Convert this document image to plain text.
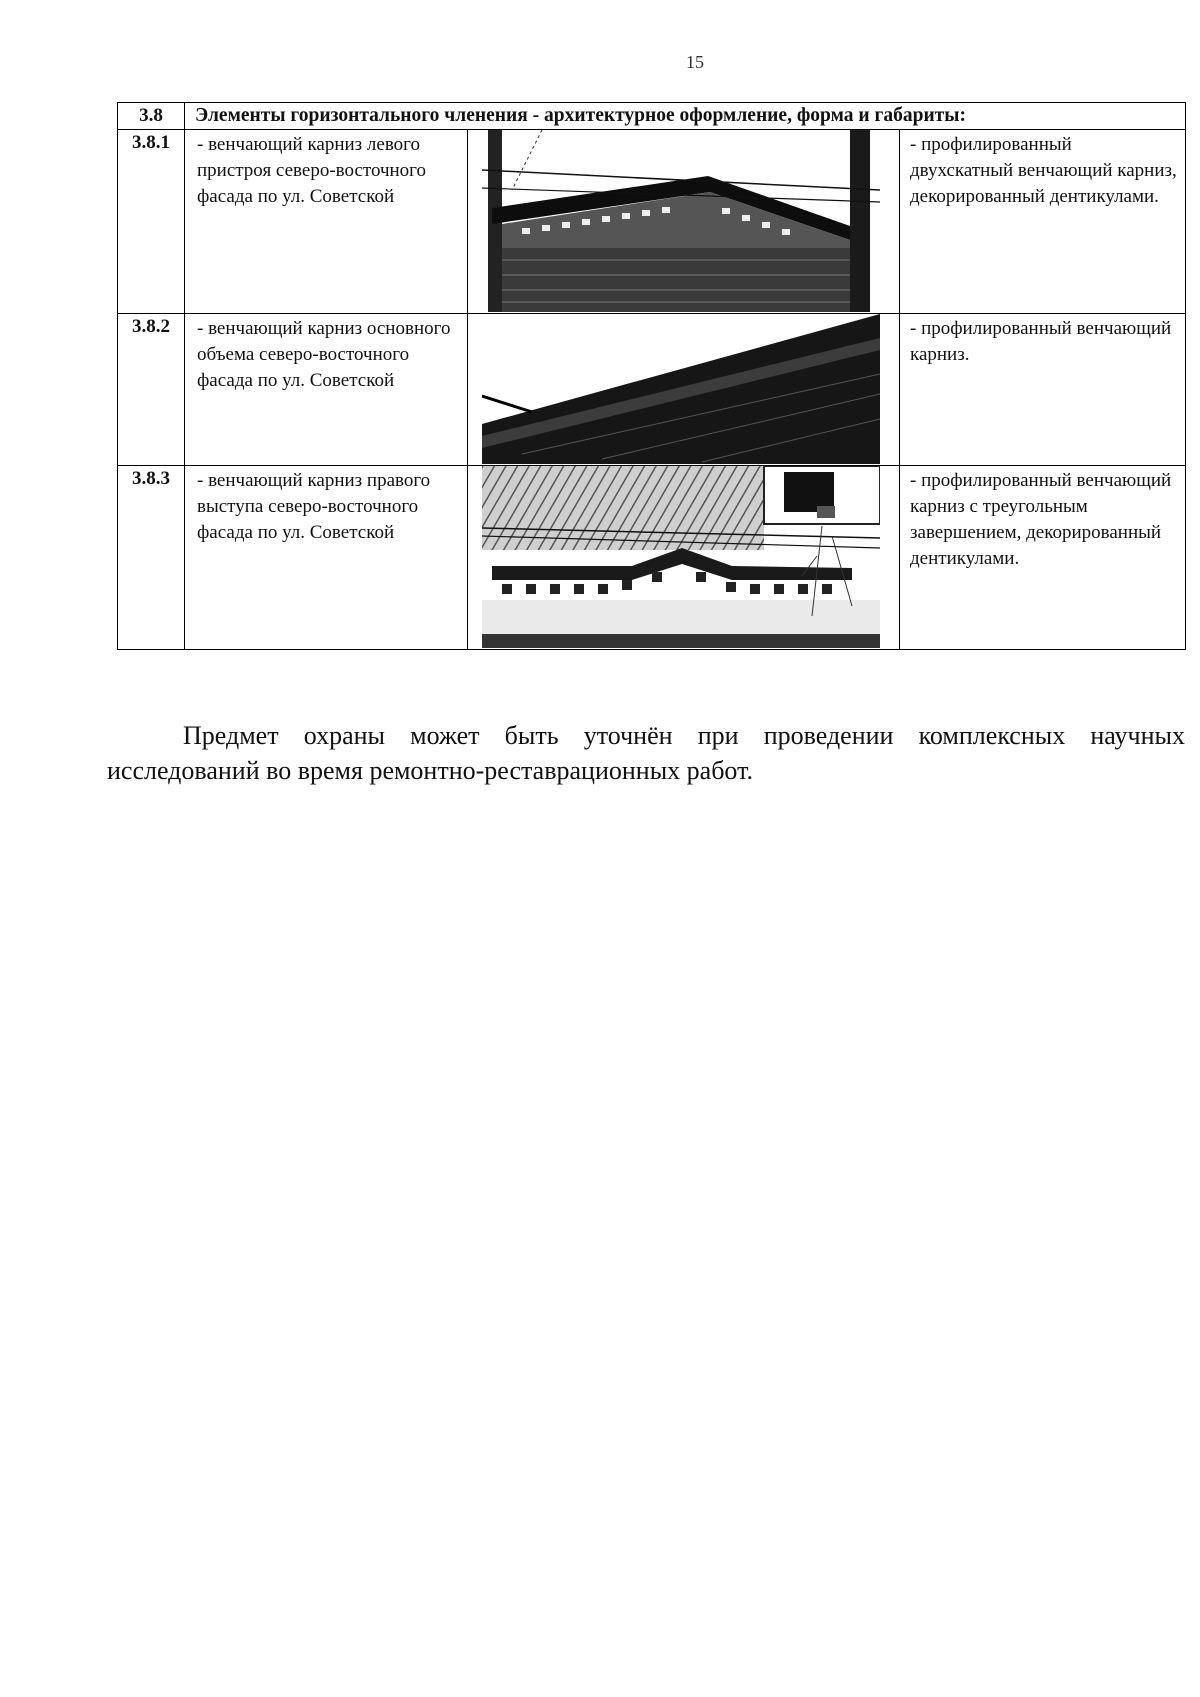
15
3.8	Элементы горизонтального членения - архитектурное оформление, форма и габариты:		
3.8.1	- венчающий карниз левого пристроя северо-восточного фасада по ул. Советской		- профилированный двухскатный венчающий карниз, декорированный дентикулами.
3.8.2	- венчающий карниз основного объема северо-восточного фасада по ул. Советской		- профилированный венчающий карниз.
3.8.3	- венчающий карниз правого выступа северо-восточного фасада по ул. Советской		- профилированный венчающий карниз с треугольным завершением, декорированный дентикулами.

Предмет охраны может быть уточнён при проведении комплексных научных исследований во время ремонтно-реставрационных работ.
